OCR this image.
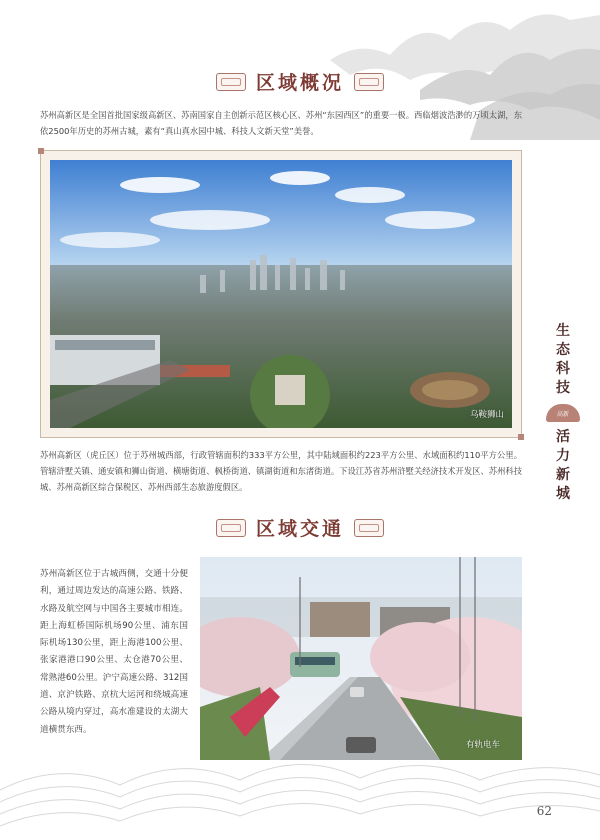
区域概况

苏州高新区是全国首批国家级高新区、苏南国家自主创新示范区核心区、苏州“东园西区”的重要一极。西临烟波浩渺的万顷太湖，东依2500年历史的苏州古城，素有“真山真水园中城、科技人文新天堂”美誉。

乌鞍狮山

苏州高新区（虎丘区）位于苏州城西部，行政管辖面积约333平方公里，其中陆域面积约223平方公里、水域面积约110平方公里。管辖浒墅关镇、通安镇和狮山街道、横塘街道、枫桥街道、镇湖街道和东渚街道。下设江苏省苏州浒墅关经济技术开发区、苏州科技城、苏州高新区综合保税区、苏州西部生态旅游度假区。

区域交通

苏州高新区位于古城西侧，交通十分便利，通过周边发达的高速公路、铁路、水路及航空网与中国各主要城市相连。距上海虹桥国际机场90公里、浦东国际机场130公里，距上海港100公里、张家港港口90公里、太仓港70公里、常熟港60公里。沪宁高速公路、312国道、京沪铁路、京杭大运河和绕城高速公路从境内穿过，高水准建设的太湖大道横贯东西。

有轨电车
生
态
科
技
高新
活
力
新
城
62
